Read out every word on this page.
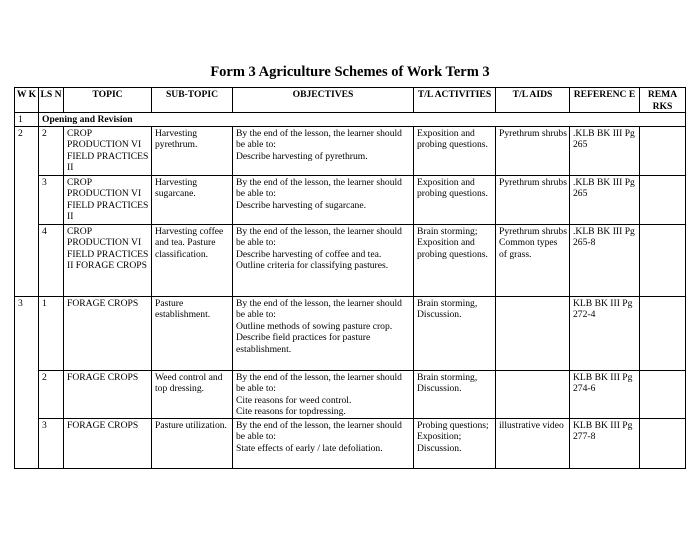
Form 3 Agriculture Schemes of Work Term 3
W K	LS N	TOPIC	SUB-TOPIC	OBJECTIVES	T/L ACTIVITIES	T/L AIDS	REFERENC E	REMA RKS
1	Opening and Revision							
2	2	CROP PRODUCTION VI FIELD PRACTICES II	Harvesting pyrethrum.	By the end of the lesson, the learner should be able to:
Describe harvesting of pyrethrum.	Exposition and probing questions.	Pyrethrum shrubs	.KLB BK III Pg 265	
	3	CROP PRODUCTION VI FIELD PRACTICES II	Harvesting sugarcane.	By the end of the lesson, the learner should be able to:
Describe harvesting of sugarcane.	Exposition and probing questions.	Pyrethrum shrubs	.KLB BK III Pg 265	
	4	CROP PRODUCTION VI FIELD PRACTICES II FORAGE CROPS	Harvesting coffee and tea. Pasture classification.	By the end of the lesson, the learner should be able to:
Describe harvesting of coffee and tea.
Outline criteria for classifying pastures.	Brain storming; Exposition and probing questions.	Pyrethrum shrubs Common types of grass.	.KLB BK III Pg 265-8	
3	1	FORAGE CROPS	Pasture establishment.	By the end of the lesson, the learner should be able to:
Outline methods of sowing pasture crop.
Describe field practices for pasture establishment.	Brain storming, Discussion.		KLB BK III Pg 272-4	
	2	FORAGE CROPS	Weed control and top dressing.	By the end of the lesson, the learner should be able to:
Cite reasons for weed control.
Cite reasons for topdressing.	Brain storming, Discussion.		KLB BK III Pg 274-6	
	3	FORAGE CROPS	Pasture utilization.	By the end of the lesson, the learner should be able to:
State effects of early / late defoliation.	Probing questions; Exposition; Discussion.	illustrative video	KLB BK III Pg 277-8	
